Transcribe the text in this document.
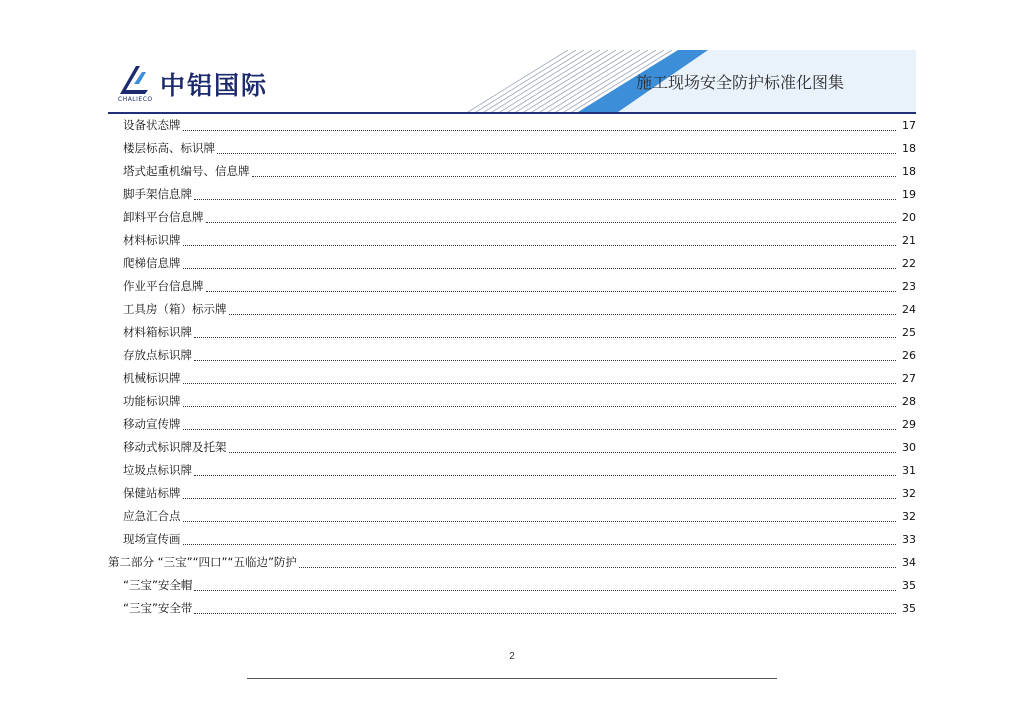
中铝国际
CHALIECO
施工现场安全防护标准化图集
设备状态牌	17
楼层标高、标识牌	18
塔式起重机编号、信息牌	18
脚手架信息牌	19
卸料平台信息牌	20
材料标识牌	21
爬梯信息牌	22
作业平台信息牌	23
工具房（箱）标示牌	24
材料箱标识牌	25
存放点标识牌	26
机械标识牌	27
功能标识牌	28
移动宣传牌	29
移动式标识牌及托架	30
垃圾点标识牌	31
保健站标牌	32
应急汇合点	32
现场宣传画	33
第二部分 “三宝”“四口”“五临边”防护	34
“三宝”安全帽	35
“三宝”安全带	35
2
